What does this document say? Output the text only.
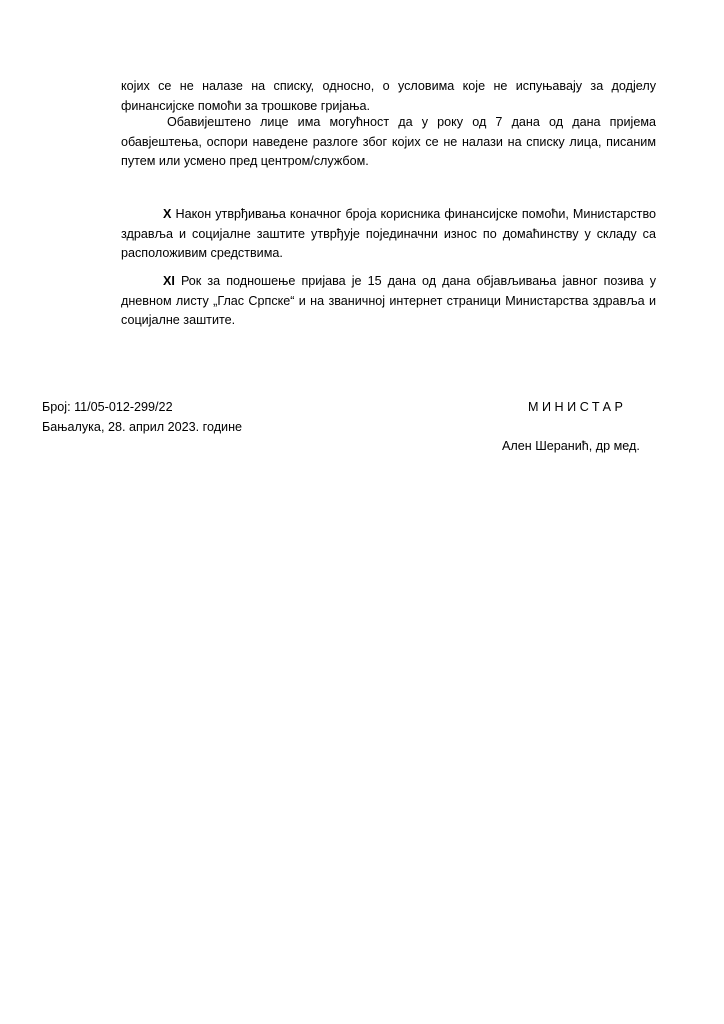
којих се не налазе на списку, односно, о условима које не испуњавају за додјелу финансијске помоћи за трошкове гријања.

Обавијештено лице има могућност да у року од 7 дана од дана пријема обавјештења, оспори наведене разлоге због којих се не налази на списку лица, писаним путем или усмено пред центром/службом.

X Након утврђивања коначног броја корисника финансијске помоћи, Министарство здравља и социјалне заштите утврђује појединачни износ по домаћинству у складу са расположивим средствима.

XI Рок за подношење пријава је 15 дана од дана објављивања јавног позива у дневном листу „Глас Српске“ и на званичној интернет страници Министарства здравља и социјалне заштите.

Број: 11/05-012-299/22
Бањалука, 28. април 2023. године
МИНИСТАР
Ален Шеранић, др мед.
